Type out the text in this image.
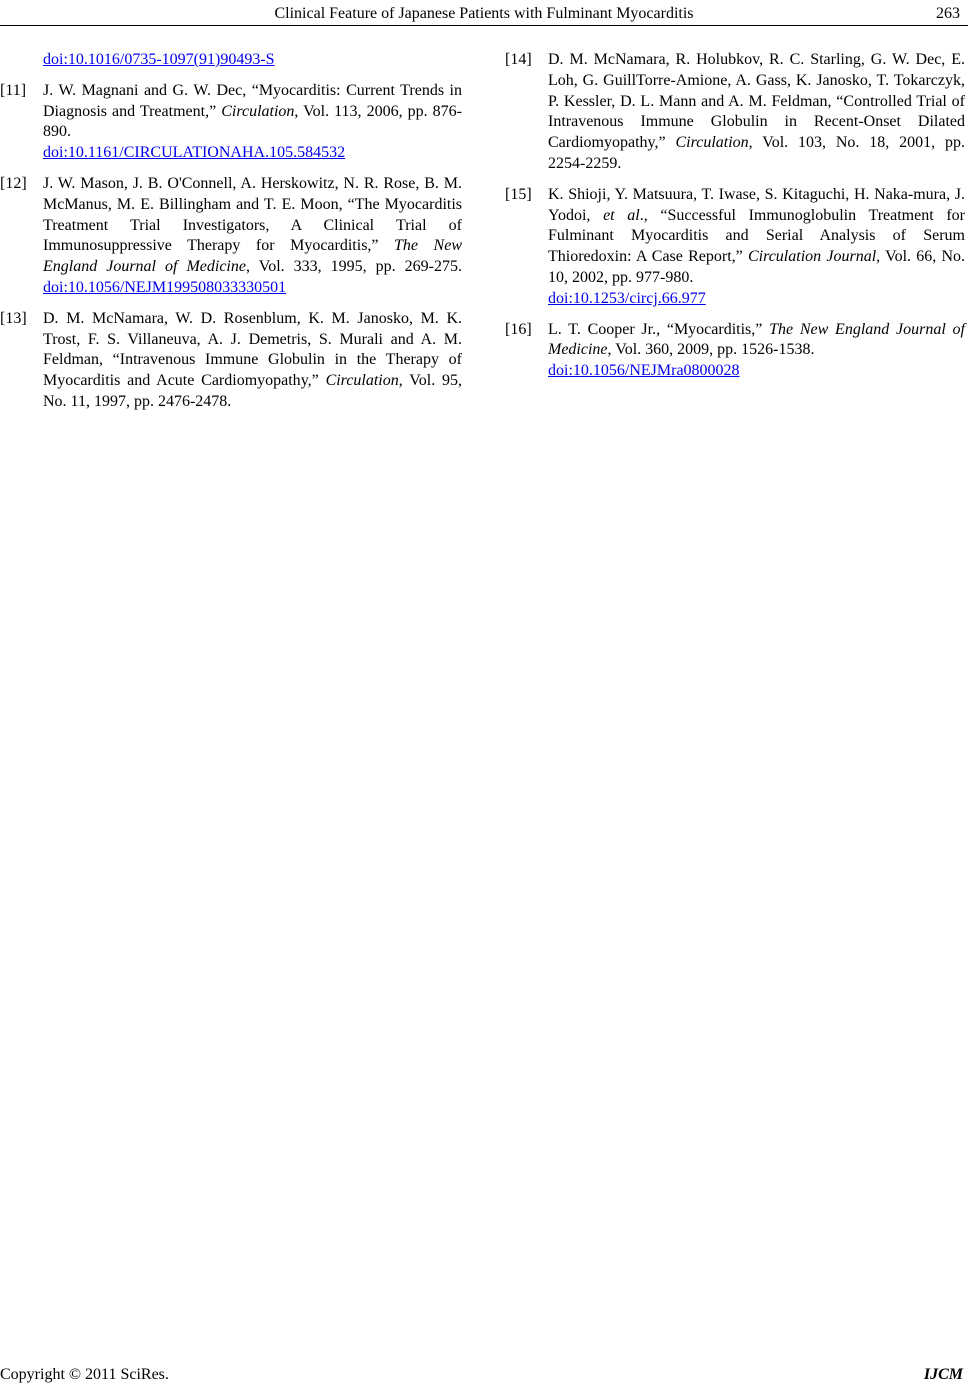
Clinical Feature of Japanese Patients with Fulminant Myocarditis	263
doi:10.1016/0735-1097(91)90493-S
[11] J. W. Magnani and G. W. Dec, “Myocarditis: Current Trends in Diagnosis and Treatment,” Circulation, Vol. 113, 2006, pp. 876-890.
doi:10.1161/CIRCULATIONAHA.105.584532
[12] J. W. Mason, J. B. O'Connell, A. Herskowitz, N. R. Rose, B. M. McManus, M. E. Billingham and T. E. Moon, “The Myocarditis Treatment Trial Investigators, A Clinical Trial of Immunosuppressive Therapy for Myocarditis,” The New England Journal of Medicine, Vol. 333, 1995, pp. 269-275. doi:10.1056/NEJM199508033330501
[13] D. M. McNamara, W. D. Rosenblum, K. M. Janosko, M. K. Trost, F. S. Villaneuva, A. J. Demetris, S. Murali and A. M. Feldman, “Intravenous Immune Globulin in the Therapy of Myocarditis and Acute Cardiomyopathy,” Circulation, Vol. 95, No. 11, 1997, pp. 2476-2478.
[14] D. M. McNamara, R. Holubkov, R. C. Starling, G. W. Dec, E. Loh, G. GuillTorre-Amione, A. Gass, K. Janosko, T. Tokarczyk, P. Kessler, D. L. Mann and A. M. Feldman, “Controlled Trial of Intravenous Immune Globulin in Recent-Onset Dilated Cardiomyopathy,” Circulation, Vol. 103, No. 18, 2001, pp. 2254-2259.
[15] K. Shioji, Y. Matsuura, T. Iwase, S. Kitaguchi, H. Naka-mura, J. Yodoi, et al., “Successful Immunoglobulin Treatment for Fulminant Myocarditis and Serial Analysis of Serum Thioredoxin: A Case Report,” Circulation Journal, Vol. 66, No. 10, 2002, pp. 977-980.
doi:10.1253/circj.66.977
[16] L. T. Cooper Jr., “Myocarditis,” The New England Journal of Medicine, Vol. 360, 2009, pp. 1526-1538.
doi:10.1056/NEJMra0800028
Copyright © 2011 SciRes.	IJCM
